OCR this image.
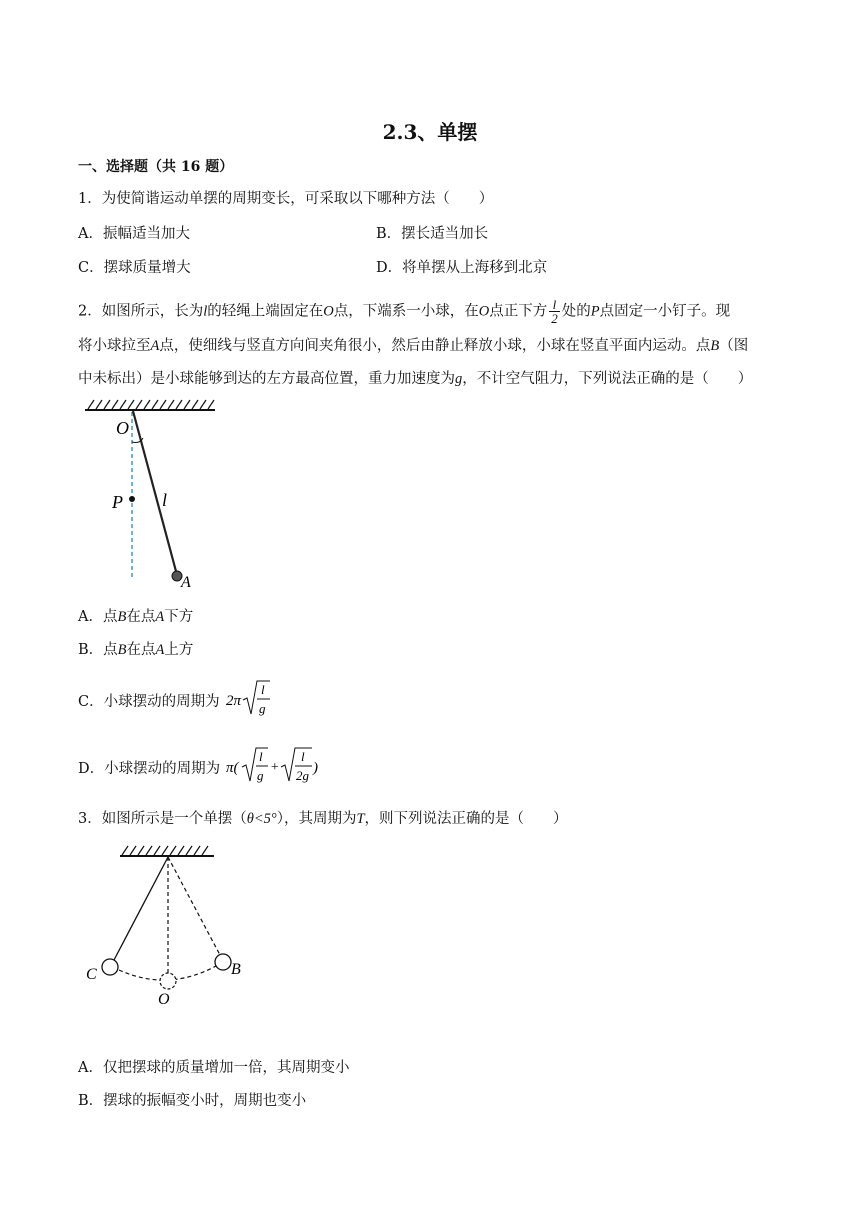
2.3、单摆
一、选择题（共 16 题）
1．为使简谐运动单摆的周期变长，可采取以下哪种方法（　　）
A．振幅适当加大	B．摆长适当加长
C．摆球质量增大	D．将单摆从上海移到北京
2．如图所示，长为l的轻绳上端固定在O点，下端系一小球，在O点正下方 $\frac{l}{2}$ 处的P点固定一小钉子。现
将小球拉至A点，使细线与竖直方向间夹角很小，然后由静止释放小球，小球在竖直平面内运动。点B（图
中未标出）是小球能够到达的左方最高位置，重力加速度为g，不计空气阻力，下列说法正确的是（　　）
O
P l
A
A．点B在点A下方
B．点B在点A上方
C．小球摆动的周期为 2π
l
g
D．小球摆动的周期为 π(
l
g
+
l
2g )
3．如图所示是一个单摆（θ<5°），其周期为T，则下列说法正确的是（　　）
C
O
B
A．仅把摆球的质量增加一倍，其周期变小
B．摆球的振幅变小时，周期也变小
